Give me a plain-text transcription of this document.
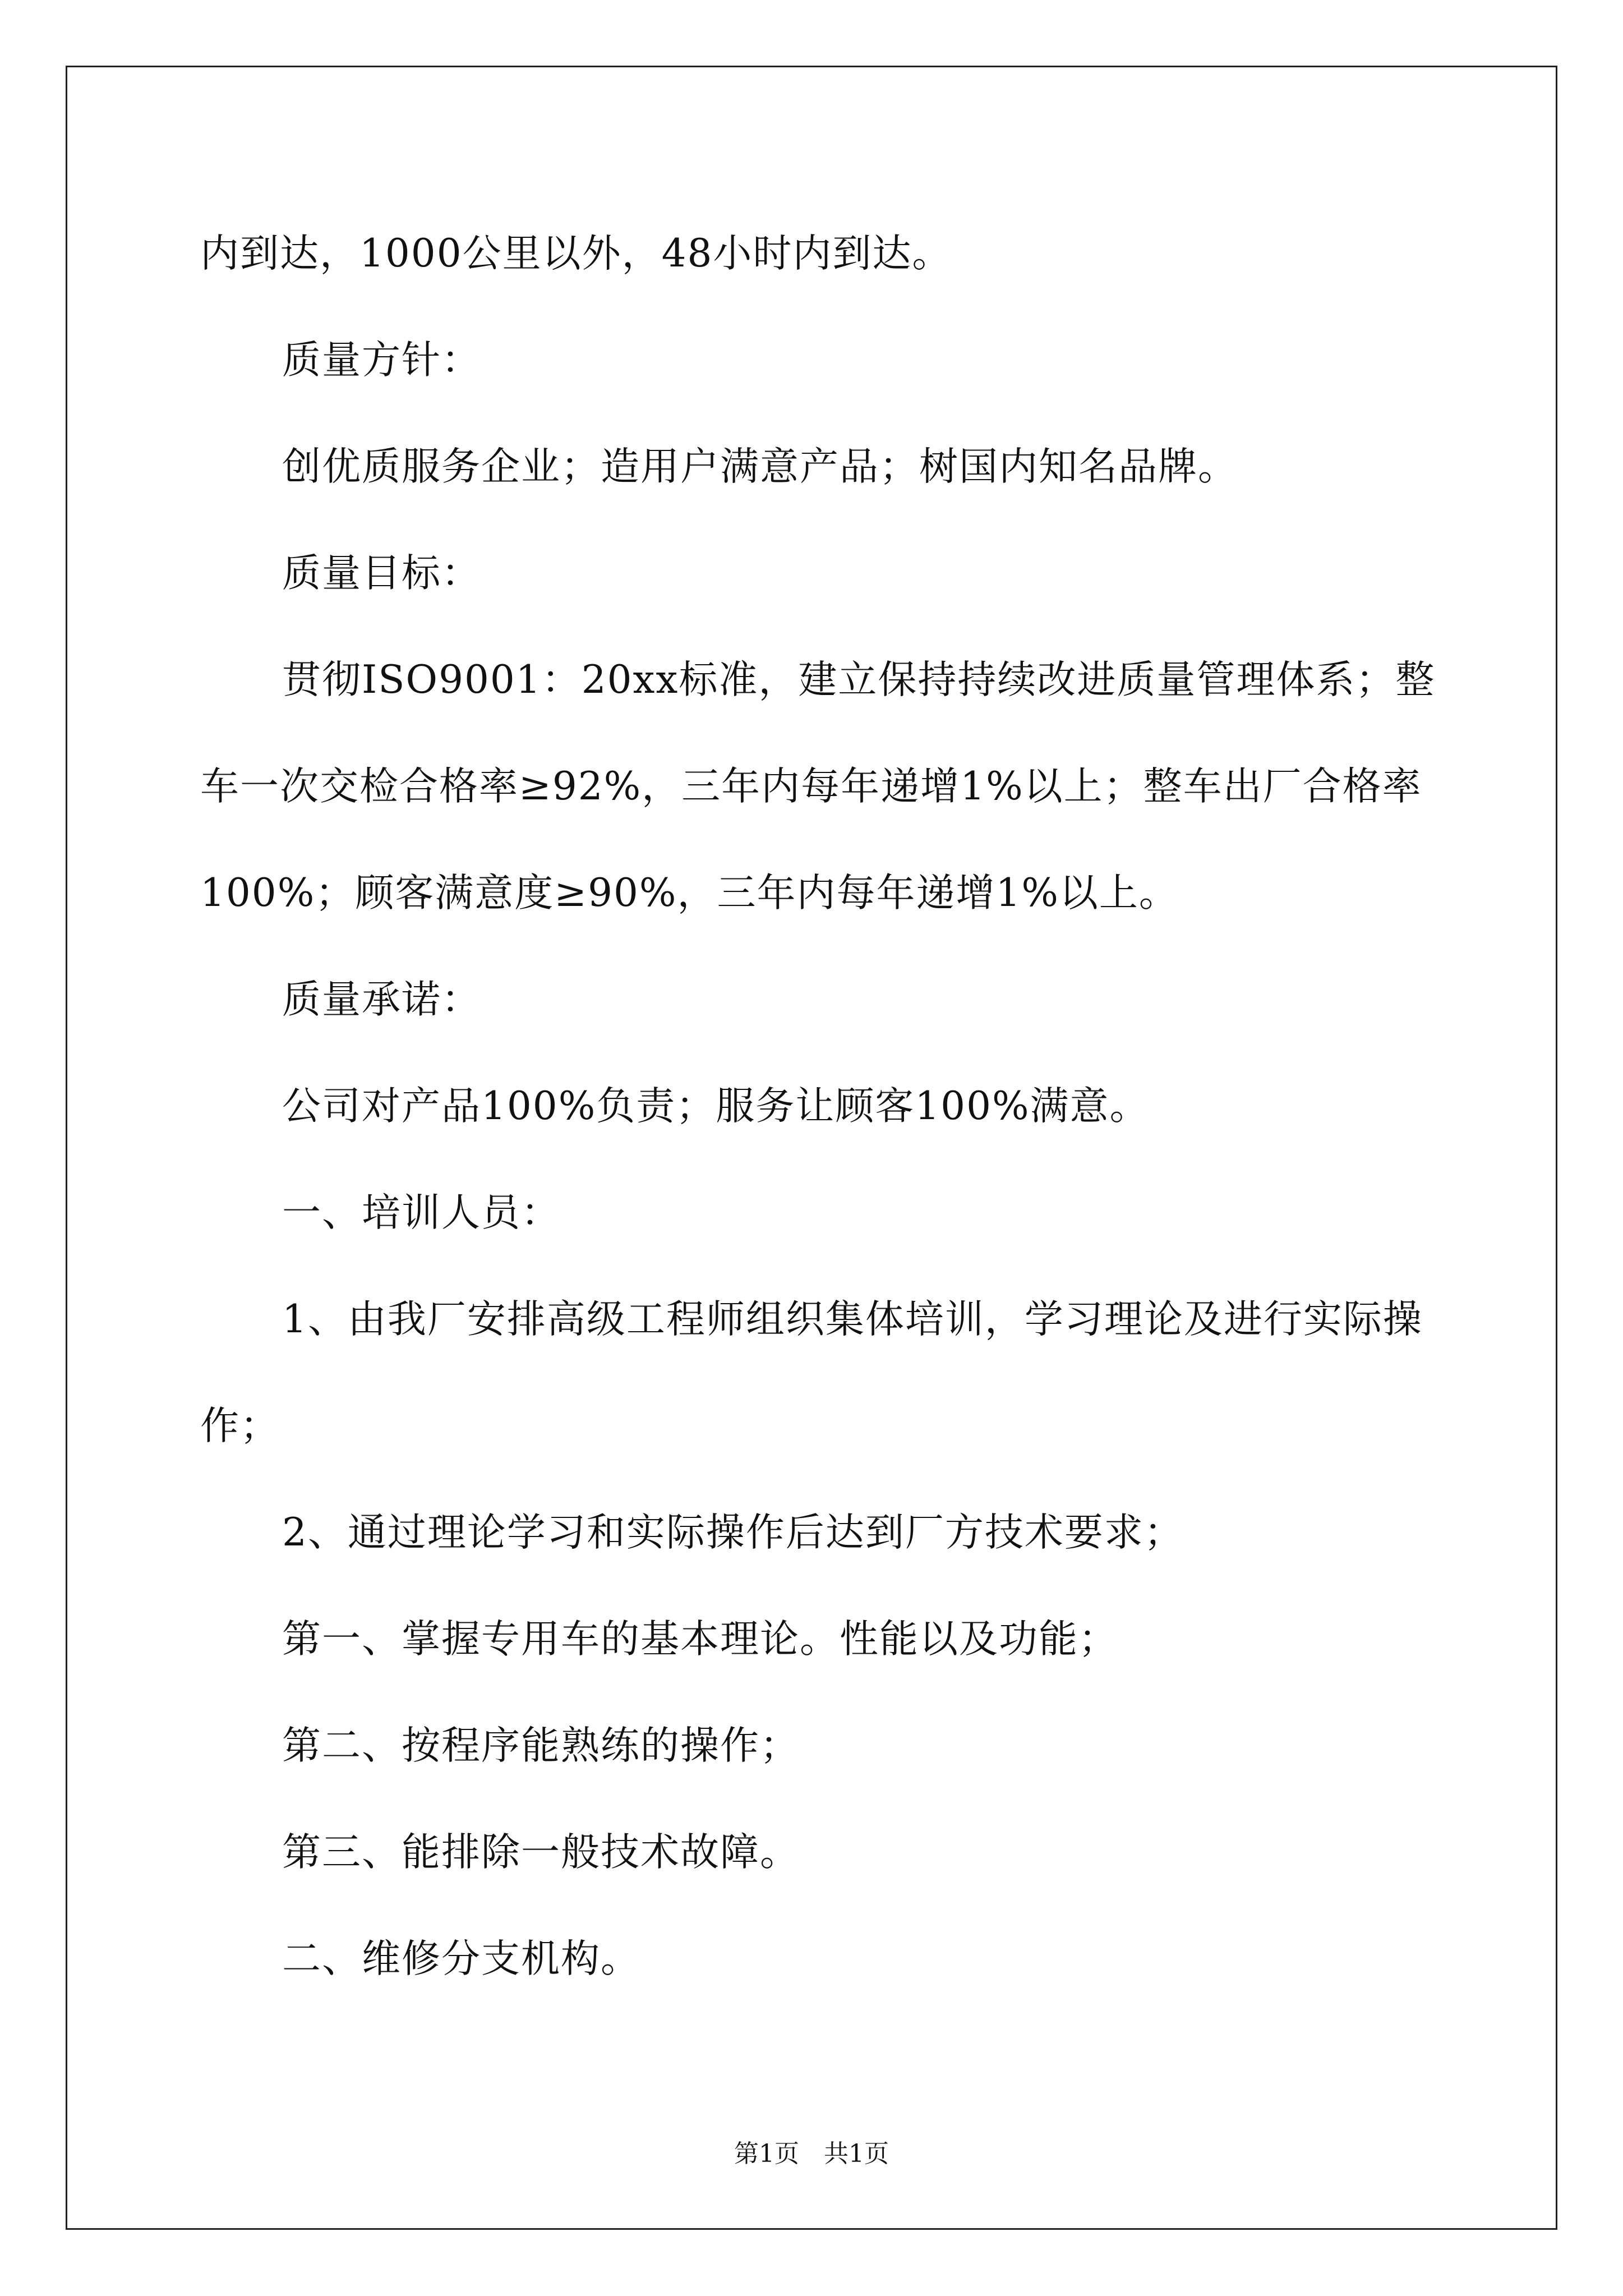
内到达，1000公里以外，48小时内到达。
质量方针：
创优质服务企业；造用户满意产品；树国内知名品牌。
质量目标：
贯彻ISO9001：20xx标准，建立保持持续改进质量管理体系；整
车一次交检合格率≥92%，三年内每年递增1%以上；整车出厂合格率
100%；顾客满意度≥90%，三年内每年递增1%以上。
质量承诺：
公司对产品100%负责；服务让顾客100%满意。
一、培训人员：
1、由我厂安排高级工程师组织集体培训，学习理论及进行实际操
作；
2、通过理论学习和实际操作后达到厂方技术要求；
第一、掌握专用车的基本理论。性能以及功能；
第二、按程序能熟练的操作；
第三、能排除一般技术故障。
二、维修分支机构。
第1页　共1页
